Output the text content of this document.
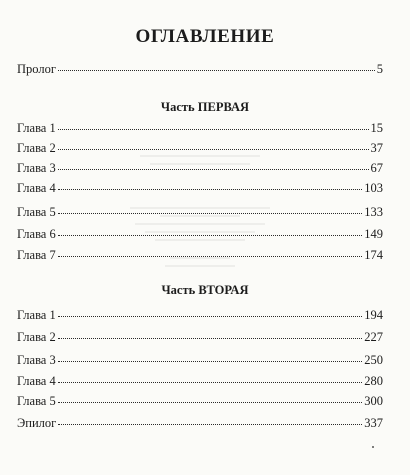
ОГЛАВЛЕНИЕ
Пролог	5
Часть ПЕРВАЯ
Глава 1	15
Глава 2	37
Глава 3	67
Глава 4	103
Глава 5	133
Глава 6	149
Глава 7	174
Часть ВТОРАЯ
Глава 1	194
Глава 2	227
Глава 3	250
Глава 4	280
Глава 5	300
Эпилог	337
